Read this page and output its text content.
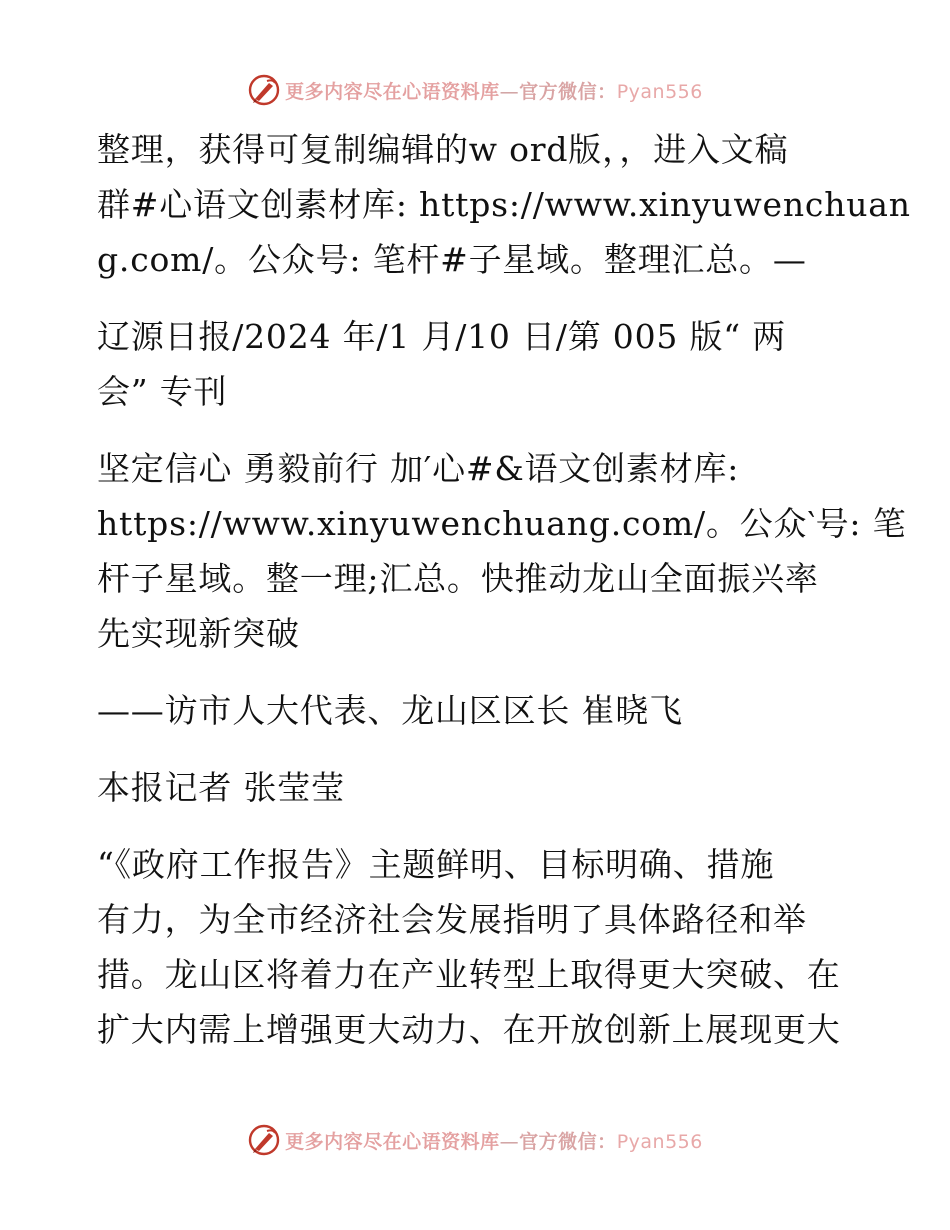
更多内容尽在心语资料库—官方微信：Pyan556
整理，获得可复制编辑的w ord版，，进入文稿
群#心语文创素材库: https://www.xinyuwenchuan
g.com/。公众号: 笔杆#子星域。整理汇总。—
辽源日报/2024 年/1 月/10 日/第 005 版“ 两
会” 专刊
坚定信心 勇毅前行 加′心#&语文创素材库:
https://www.xinyuwenchuang.com/。公众‵号: 笔
杆子星域。整一理;汇总。快推动龙山全面振兴率
先实现新突破
——访市人大代表、龙山区区长 崔晓飞
本报记者 张莹莹
“《政府工作报告》主题鲜明、目标明确、措施
有力，为全市经济社会发展指明了具体路径和举
措。龙山区将着力在产业转型上取得更大突破、在
扩大内需上增强更大动力、在开放创新上展现更大
更多内容尽在心语资料库—官方微信：Pyan556
